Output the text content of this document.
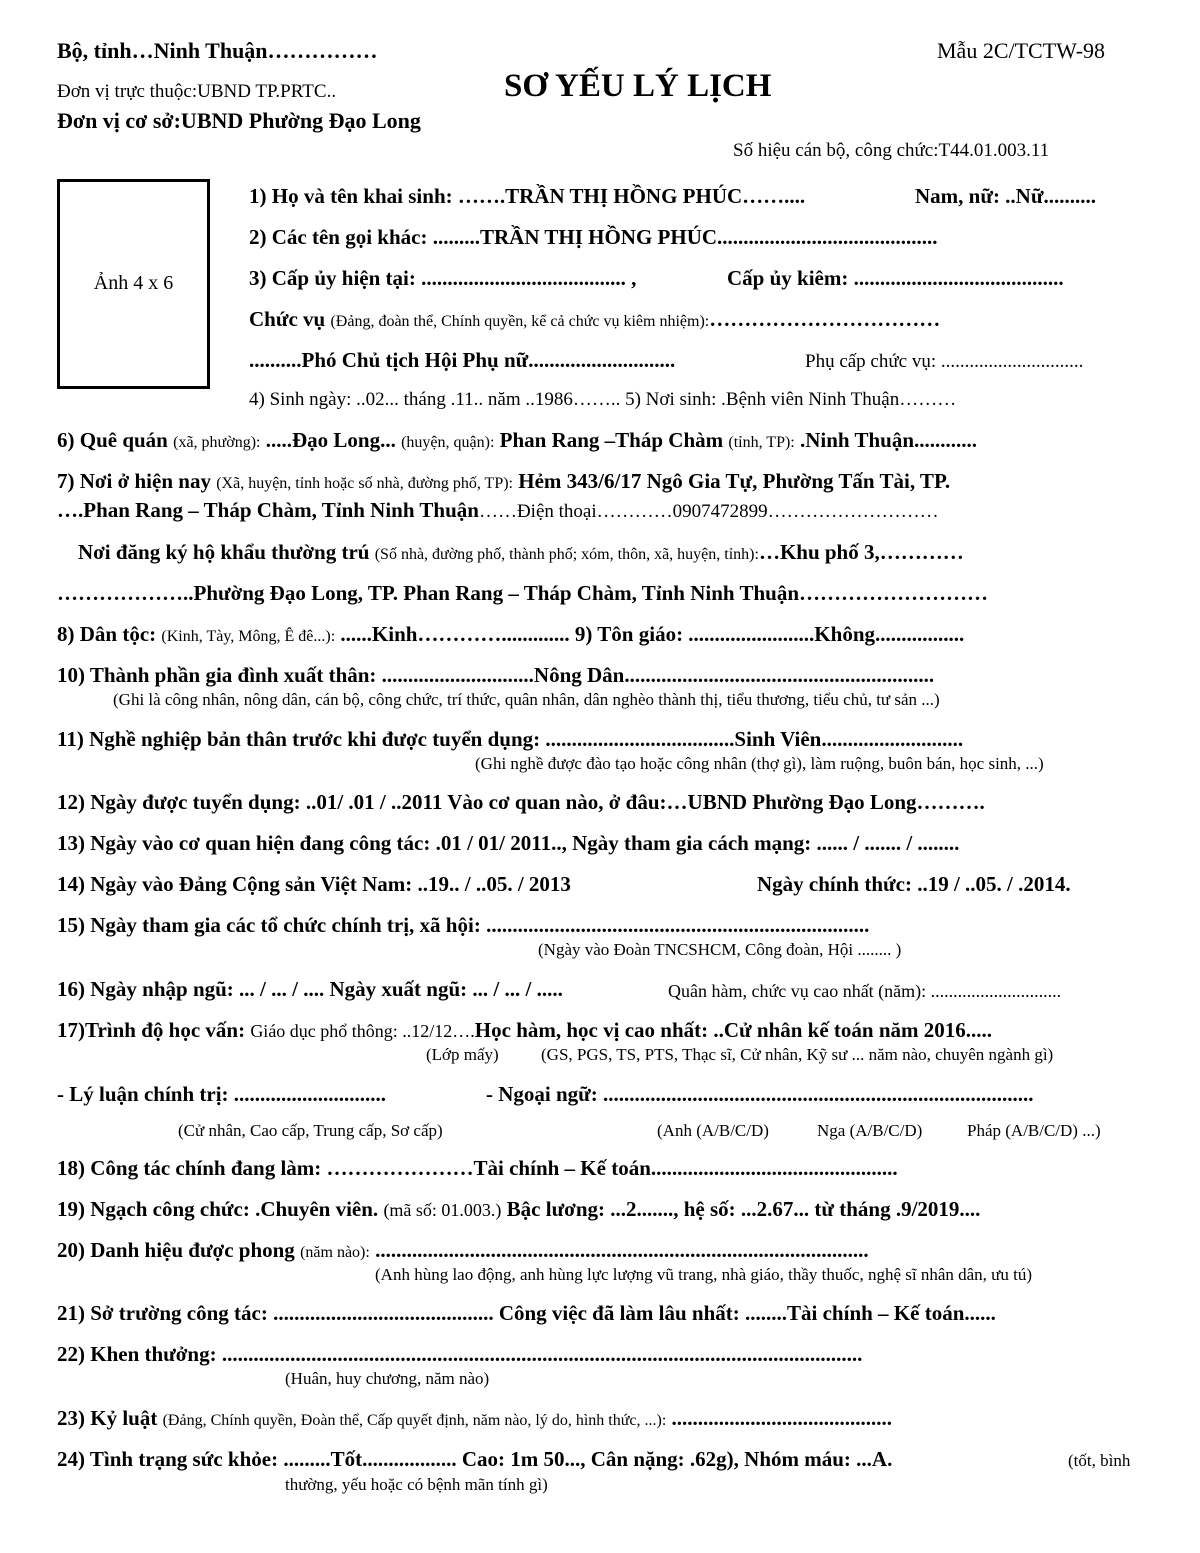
Bộ, tỉnh…Ninh Thuận……………	Mẫu 2C/TCTW-98
Đơn vị trực thuộc:UBND TP.PRTC..	SƠ YẾU LÝ LỊCH
Đơn vị cơ sở:UBND Phường Đạo Long
Số hiệu cán bộ, công chức:T44.01.003.11
Ảnh 4 x 6
1) Họ và tên khai sinh: …….TRẦN THỊ HỒNG PHÚC……....	Nam, nữ: ..Nữ..........
2) Các tên gọi khác: .........TRẦN THỊ HỒNG PHÚC..........................................
3) Cấp ủy hiện tại: ....................................... ,	Cấp ủy kiêm: ........................................
Chức vụ (Đảng, đoàn thể, Chính quyền, kể cả chức vụ kiêm nhiệm):……………………………
..........Phó Chủ tịch Hội Phụ nữ............................	Phụ cấp chức vụ: ..............................
4) Sinh ngày: ..02... tháng .11.. năm ..1986…….. 5) Nơi sinh: .Bệnh viên Ninh Thuận………
6) Quê quán (xã, phường): .....Đạo Long... (huyện, quận): Phan Rang –Tháp Chàm (tỉnh, TP): .Ninh Thuận............
7) Nơi ở hiện nay (Xã, huyện, tỉnh hoặc số nhà, đường phố, TP): Hẻm 343/6/17 Ngô Gia Tự, Phường Tấn Tài, TP.
….Phan Rang – Tháp Chàm, Tỉnh Ninh Thuận……Điện thoại…………0907472899………………………
Nơi đăng ký hộ khẩu thường trú (Số nhà, đường phố, thành phố; xóm, thôn, xã, huyện, tỉnh):…Khu phố 3,…………
………………..Phường Đạo Long, TP. Phan Rang – Tháp Chàm, Tỉnh Ninh Thuận………………………
8) Dân tộc: (Kinh, Tày, Mông, Ê đê...): ......Kinh…………............. 9) Tôn giáo: ........................Không.................
10) Thành phần gia đình xuất thân: .............................Nông Dân...........................................................
(Ghi là công nhân, nông dân, cán bộ, công chức, trí thức, quân nhân, dân nghèo thành thị, tiểu thương, tiểu chủ, tư sản ...)
11) Nghề nghiệp bản thân trước khi được tuyển dụng: ....................................Sinh Viên...........................
(Ghi nghề được đào tạo hoặc công nhân (thợ gì), làm ruộng, buôn bán, học sinh, ...)
12) Ngày được tuyển dụng: ..01/ .01 / ..2011 Vào cơ quan nào, ở đâu:…UBND Phường Đạo Long……….
13) Ngày vào cơ quan hiện đang công tác: .01 / 01/ 2011.., Ngày tham gia cách mạng: ...... / ....... / ........
14) Ngày vào Đảng Cộng sản Việt Nam: ..19.. / ..05. / 2013	Ngày chính thức: ..19 / ..05. / .2014.
15) Ngày tham gia các tổ chức chính trị, xã hội: .........................................................................
(Ngày vào Đoàn TNCSHCM, Công đoàn, Hội ........ )
16) Ngày nhập ngũ: ... / ... / .... Ngày xuất ngũ: ... / ... / .....	Quân hàm, chức vụ cao nhất (năm): .............................
17)Trình độ học vấn: Giáo dục phổ thông: ..12/12….Học hàm, học vị cao nhất: ..Cử nhân kế toán năm 2016.....
(Lớp mấy) (GS, PGS, TS, PTS, Thạc sĩ, Cử nhân, Kỹ sư ... năm nào, chuyên ngành gì)
- Lý luận chính trị: .............................	- Ngoại ngữ: ..................................................................................
(Cử nhân, Cao cấp, Trung cấp, Sơ cấp)	(Anh (A/B/C/D)	Nga (A/B/C/D)	Pháp (A/B/C/D) ...)
18) Công tác chính đang làm: …………………Tài chính – Kế toán...............................................
19) Ngạch công chức: .Chuyên viên. (mã số: 01.003.) Bậc lương: ...2......., hệ số: ...2.67... từ tháng .9/2019....
20) Danh hiệu được phong (năm nào): ..............................................................................................
(Anh hùng lao động, anh hùng lực lượng vũ trang, nhà giáo, thầy thuốc, nghệ sĩ nhân dân, ưu tú)
21) Sở trường công tác: .......................................... Công việc đã làm lâu nhất: ........Tài chính – Kế toán......
22) Khen thưởng: ..........................................................................................................................
(Huân, huy chương, năm nào)
23) Kỷ luật (Đảng, Chính quyền, Đoàn thể, Cấp quyết định, năm nào, lý do, hình thức, ...): ..........................................
24) Tình trạng sức khỏe: .........Tốt.................. Cao: 1m 50..., Cân nặng: .62g), Nhóm máu: ...A.	(tốt, bình
thường, yếu hoặc có bệnh mãn tính gì)
